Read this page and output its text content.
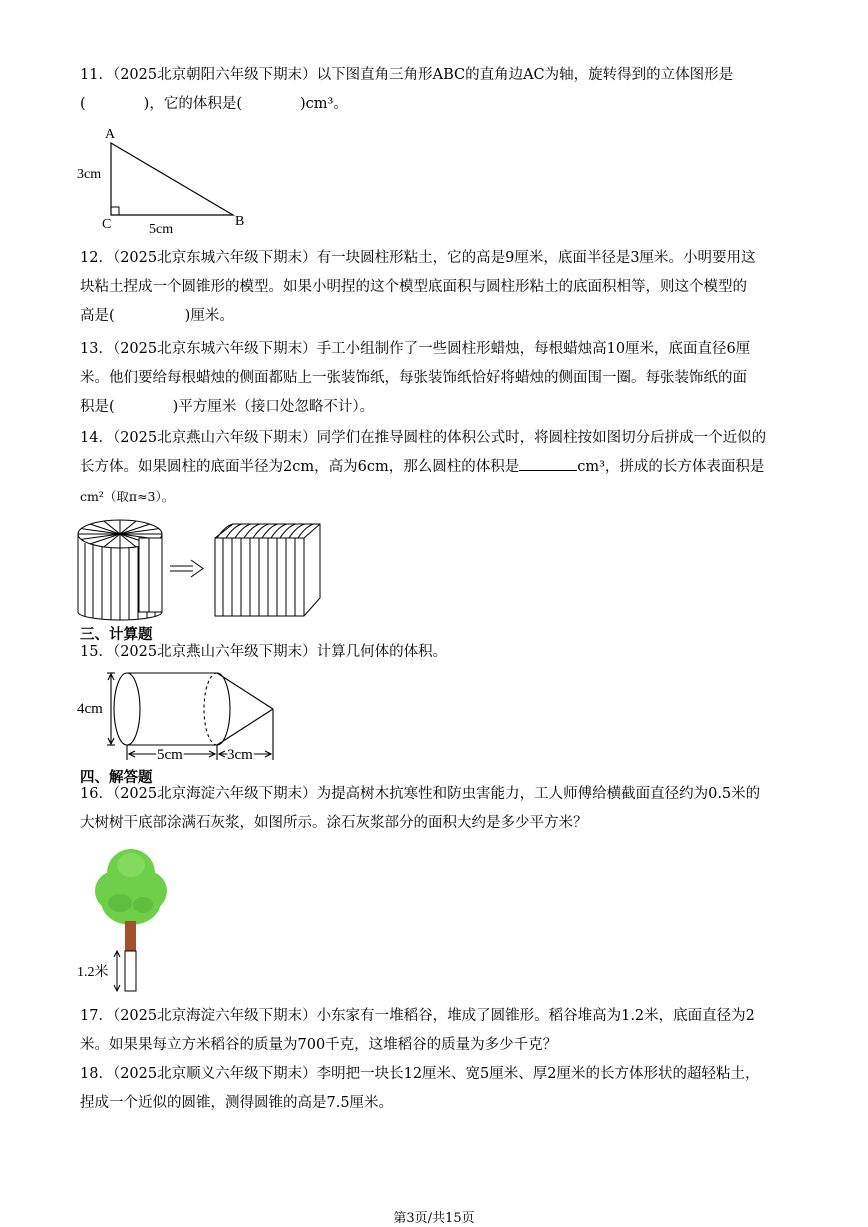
11．（2025北京朝阳六年级下期末）以下图直角三角形ABC的直角边AC为轴，旋转得到的立体图形是

(	)，它的体积是(	)cm³。

A
B
C
3cm
5cm

12．（2025北京东城六年级下期末）有一块圆柱形粘土，它的高是9厘米，底面半径是3厘米。小明要用这

块粘土捏成一个圆锥形的模型。如果小明捏的这个模型底面积与圆柱形粘土的底面积相等，则这个模型的

高是(	)厘米。

13．（2025北京东城六年级下期末）手工小组制作了一些圆柱形蜡烛，每根蜡烛高10厘米，底面直径6厘

米。他们要给每根蜡烛的侧面都贴上一张装饰纸，每张装饰纸恰好将蜡烛的侧面围一圈。每张装饰纸的面

积是(	)平方厘米（接口处忽略不计）。

14．（2025北京燕山六年级下期末）同学们在推导圆柱的体积公式时，将圆柱按如图切分后拼成一个近似的

长方体。如果圆柱的底面半径为2cm，高为6cm，那么圆柱的体积是	cm³，拼成的长方体表面积是

cm²（取π≈3）。

三、计算题

15．（2025北京燕山六年级下期末）计算几何体的体积。

4cm
5cm	3cm
四、解答题

16．（2025北京海淀六年级下期末）为提高树木抗寒性和防虫害能力，工人师傅给横截面直径约为0.5米的

大树树干底部涂满石灰浆，如图所示。涂石灰浆部分的面积大约是多少平方米？

1.2米

17．（2025北京海淀六年级下期末）小东家有一堆稻谷，堆成了圆锥形。稻谷堆高为1.2米，底面直径为2

米。如果果每立方米稻谷的质量为700千克，这堆稻谷的质量为多少千克？

18．（2025北京顺义六年级下期末）李明把一块长12厘米、宽5厘米、厚2厘米的长方体形状的超轻粘土，

捏成一个近似的圆锥，测得圆锥的高是7.5厘米。

第3页/共15页
